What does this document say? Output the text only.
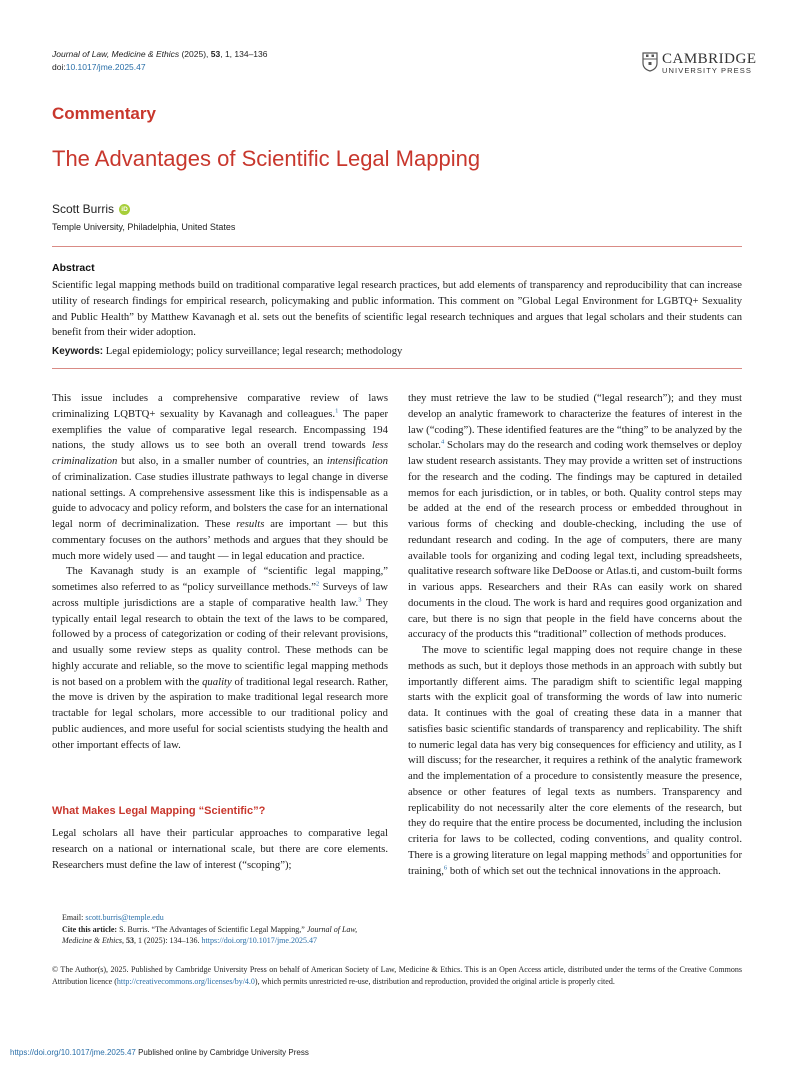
Journal of Law, Medicine & Ethics (2025), 53, 1, 134–136
doi:10.1017/jme.2025.47	CAMBRIDGE
UNIVERSITY PRESS
Commentary
The Advantages of Scientific Legal Mapping
Scott Burris	iD
Temple University, Philadelphia, United States
Abstract
Scientific legal mapping methods build on traditional comparative legal research practices, but add elements of transparency and reproducibility that can increase utility of research findings for empirical research, policymaking and public information. This comment on ”Global Legal Environment for LGBTQ+ Sexuality and Public Health” by Matthew Kavanagh et al. sets out the benefits of scientific legal research techniques and argues that legal scholars and their students can benefit from their wider adoption.
Keywords: Legal epidemiology; policy surveillance; legal research; methodology

This issue includes a comprehensive comparative review of laws criminalizing LQBTQ+ sexuality by Kavanagh and colleagues.$^1$ The paper exemplifies the value of comparative legal research. Encompassing 194 nations, the study allows us to see both an overall trend towards less criminalization but also, in a smaller number of countries, an intensification of criminalization. Case studies illustrate pathways to legal change in diverse national settings. A comprehensive assessment like this is indispensable as a guide to advocacy and policy reform, and bolsters the case for an international legal norm of decriminalization. These results are important — but this commentary focuses on the authors’ methods and argues that they should be much more widely used — and taught — in legal education and practice.

The Kavanagh study is an example of “scientific legal mapping,” sometimes also referred to as “policy surveillance methods.”$^2$ Surveys of law across multiple jurisdictions are a staple of comparative health law.$^3$ They typically entail legal research to obtain the text of the laws to be compared, followed by a process of categorization or coding of their relevant provisions, and usually some review steps as quality control. These methods can be highly accurate and reliable, so the move to scientific legal mapping methods is not based on a problem with the quality of traditional legal research. Rather, the move is driven by the aspiration to make traditional legal research more tractable for legal scholars, more accessible to our traditional policy and public audiences, and more useful for social scientists studying the health and other important effects of law.

What Makes Legal Mapping “Scientific”?

Legal scholars all have their particular approaches to comparative legal research on a national or international scale, but there are core elements. Researchers must define the law of interest (“scoping”);

they must retrieve the law to be studied (“legal research”); and they must develop an analytic framework to characterize the features of interest in the law (“coding”). These identified features are the “thing” to be analyzed by the scholar.$^4$ Scholars may do the research and coding work themselves or deploy law student research assistants. They may provide a written set of instructions for the research and the coding. The findings may be captured in detailed memos for each jurisdiction, or in tables, or both. Quality control steps may be added at the end of the research process or embedded throughout in various forms of checking and double-checking, including the use of redundant research and coding. In the age of computers, there are many available tools for organizing and coding legal text, including spreadsheets, qualitative research software like DeDoose or Atlas.ti, and custom-built forms in various apps. Researchers and their RAs can easily work on shared documents in the cloud. The work is hard and requires good organization and care, but there is no sign that people in the field have concerns about the accuracy of the products this “traditional” collection of methods produces.

The move to scientific legal mapping does not require change in these methods as such, but it deploys those methods in an approach with subtly but importantly different aims. The paradigm shift to scientific legal mapping starts with the explicit goal of transforming the words of law into numeric data. It continues with the goal of creating these data in a manner that satisfies basic scientific standards of transparency and replicability. The shift to numeric legal data has very big consequences for efficiency and utility, as I will discuss; for the researcher, it requires a rethink of the analytic framework and the implementation of a procedure to consistently measure the presence, absence or other features of legal texts as numbers. Transparency and replicability do not necessarily alter the core elements of the research, but they do require that the entire process be documented, including the inclusion criteria for laws to be collected, coding conventions, and quality control. There is a growing literature on legal mapping methods$^5$ and opportunities for training,$^6$ both of which set out the technical innovations in the approach.

Email: scott.burris@temple.edu
Cite this article: S. Burris. “The Advantages of Scientific Legal Mapping,” Journal of Law, Medicine & Ethics, 53, 1 (2025): 134–136. https://doi.org/10.1017/jme.2025.47
© The Author(s), 2025. Published by Cambridge University Press on behalf of American Society of Law, Medicine & Ethics. This is an Open Access article, distributed under the terms of the Creative Commons Attribution licence (http://creativecommons.org/licenses/by/4.0), which permits unrestricted re-use, distribution and reproduction, provided the original article is properly cited.
https://doi.org/10.1017/jme.2025.47 Published online by Cambridge University Press
